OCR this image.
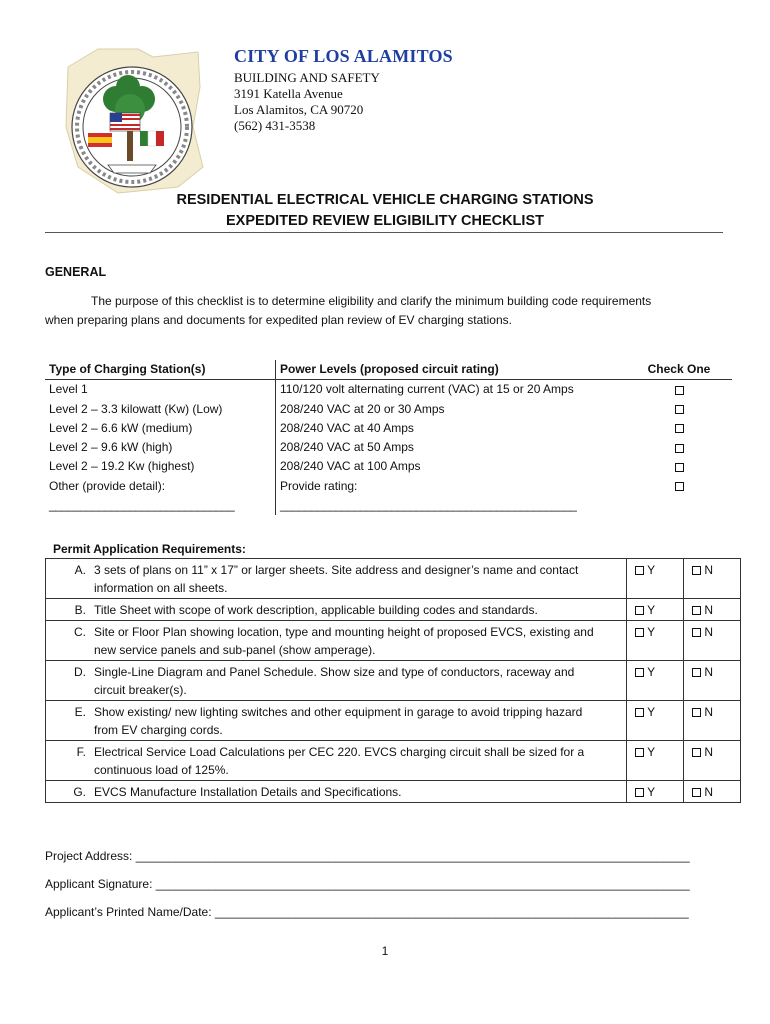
CITY OF LOS ALAMITOS
BUILDING AND SAFETY
3191 Katella Avenue
Los Alamitos, CA 90720
(562) 431-3538
RESIDENTIAL ELECTRICAL VEHICLE CHARGING STATIONS
EXPEDITED REVIEW ELIGIBILITY CHECKLIST
GENERAL
The purpose of this checklist is to determine eligibility and clarify the minimum building code requirements
when preparing plans and documents for expedited plan review of EV charging stations.
Type of Charging Station(s)	Power Levels (proposed circuit rating)	Check One
Level 1	110/120 volt alternating current (VAC) at 15 or 20 Amps	
Level 2 – 3.3 kilowatt (Kw) (Low)	208/240 VAC at 20 or 30 Amps	
Level 2 – 6.6 kW (medium)	208/240 VAC at 40 Amps	
Level 2 – 9.6 kW (high)	208/240 VAC at 50 Amps	
Level 2 – 19.2 Kw (highest)	208/240 VAC at 100 Amps	
Other (provide detail):	Provide rating:	
______________________________	________________________________________________	
Permit Application Requirements:
A. 3 sets of plans on 11” x 17” or larger sheets. Site address and designer’s name and contact information on all sheets.	Y	N
B. Title Sheet with scope of work description, applicable building codes and standards.	Y	N
C. Site or Floor Plan showing location, type and mounting height of proposed EVCS, existing and new service panels and sub-panel (show amperage).	Y	N
D. Single-Line Diagram and Panel Schedule. Show size and type of conductors, raceway and circuit breaker(s).	Y	N
E. Show existing/ new lighting switches and other equipment in garage to avoid tripping hazard from EV charging cords.	Y	N
F. Electrical Service Load Calculations per CEC 220. EVCS charging circuit shall be sized for a continuous load of 125%.	Y	N
G. EVCS Manufacture Installation Details and Specifications.	Y	N
Project Address: ___________________________________________________________________________________
Applicant Signature: ________________________________________________________________________________
Applicant’s Printed Name/Date: _______________________________________________________________________
1
